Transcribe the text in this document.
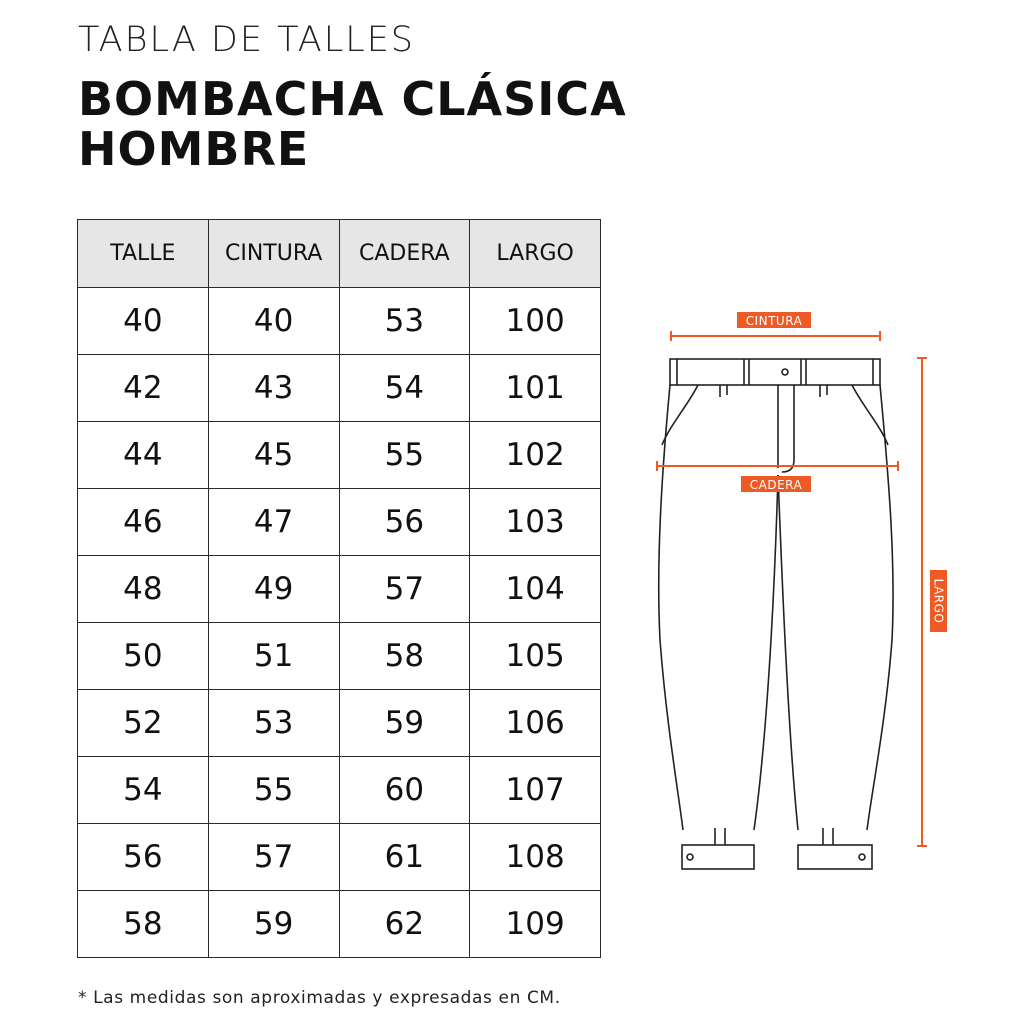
TABLA DE TALLES
BOMBACHA CLÁSICA
HOMBRE
TALLE	CINTURA	CADERA	LARGO
40	40	53	100
42	43	54	101
44	45	55	102
46	47	56	103
48	49	57	104
50	51	58	105
52	53	59	106
54	55	60	107
56	57	61	108
58	59	62	109
CINTURA
CADERA
LARGO
* Las medidas son aproximadas y expresadas en CM.
